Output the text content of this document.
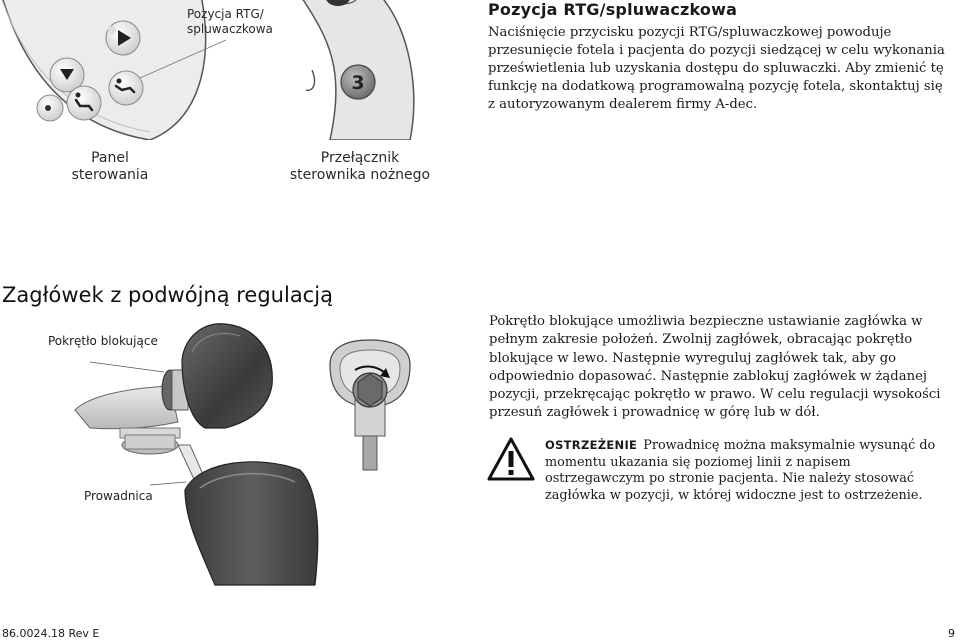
3
Pozycja RTG/
spluwaczkowa
Pozycja RTG/spluwaczkowa
Naciśnięcie przycisku pozycji RTG/spluwaczkowej powoduje przesunięcie fotela i pacjenta do pozycji siedzącej w celu wykonania prześwietlenia lub uzyskania dostępu do spluwaczki. Aby zmienić tę funkcję na dodatkową programowalną pozycję fotela, skontaktuj się z autoryzowanym dealerem firmy A-dec.
Panel
sterowania
Przełącznik
sterownika nożnego
Zagłówek z podwójną regulacją
Pokrętło blokujące
Prowadnica
Pokrętło blokujące umożliwia bezpieczne ustawianie zagłówka w pełnym zakresie położeń. Zwolnij zagłówek, obracając pokrętło blokujące w lewo. Następnie wyreguluj zagłówek tak, aby go odpowiednio dopasować. Następnie zablokuj zagłówek w żądanej pozycji, przekręcając pokrętło w prawo. W celu regulacji wysokości przesuń zagłówek i prowadnicę w górę lub w dół.
OSTRZEŻENIE Prowadnicę można maksymalnie wysunąć do momentu ukazania się poziomej linii z napisem ostrzegawczym po stronie pacjenta. Nie należy stosować zagłówka w pozycji, w której widoczne jest to ostrzeżenie.
86.0024.18 Rev E	9
